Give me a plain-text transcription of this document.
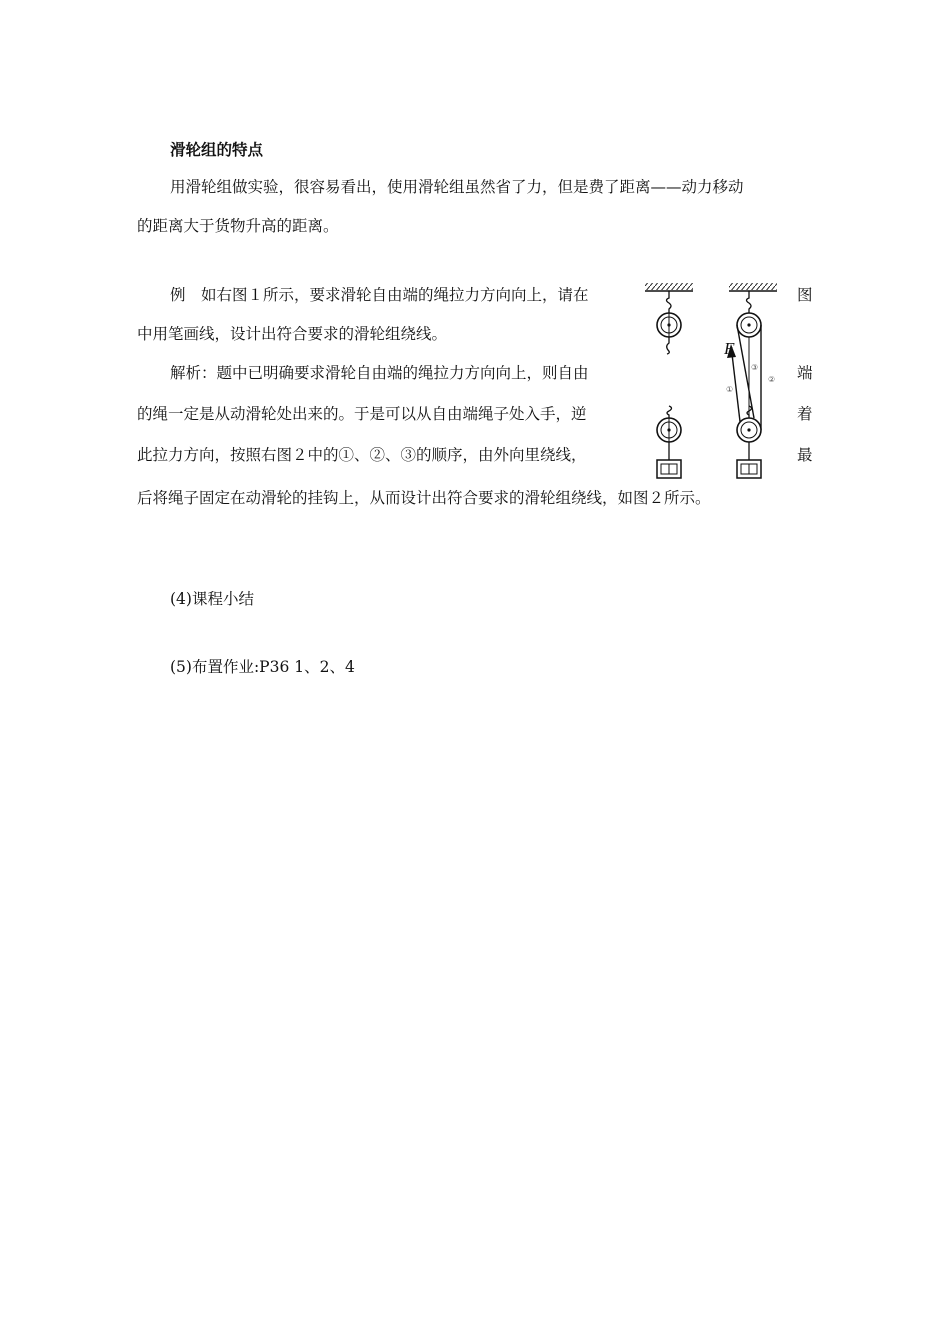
滑轮组的特点
用滑轮组做实验，很容易看出，使用滑轮组虽然省了力，但是费了距离——动力移动
的距离大于货物升高的距离。
例　如右图１所示，要求滑轮自由端的绳拉力方向向上，请在	图
中用笔画线，设计出符合要求的滑轮组绕线。
解析：题中已明确要求滑轮自由端的绳拉力方向向上，则自由	端
的绳一定是从动滑轮处出来的。于是可以从自由端绳子处入手，逆	着
此拉力方向，按照右图２中的①、②、③的顺序，由外向里绕线，	最
后将绳子固定在动滑轮的挂钩上，从而设计出符合要求的滑轮组绕线，如图２所示。
(4)课程小结
(5)布置作业:P36 1、2、4
F
①
②
③
